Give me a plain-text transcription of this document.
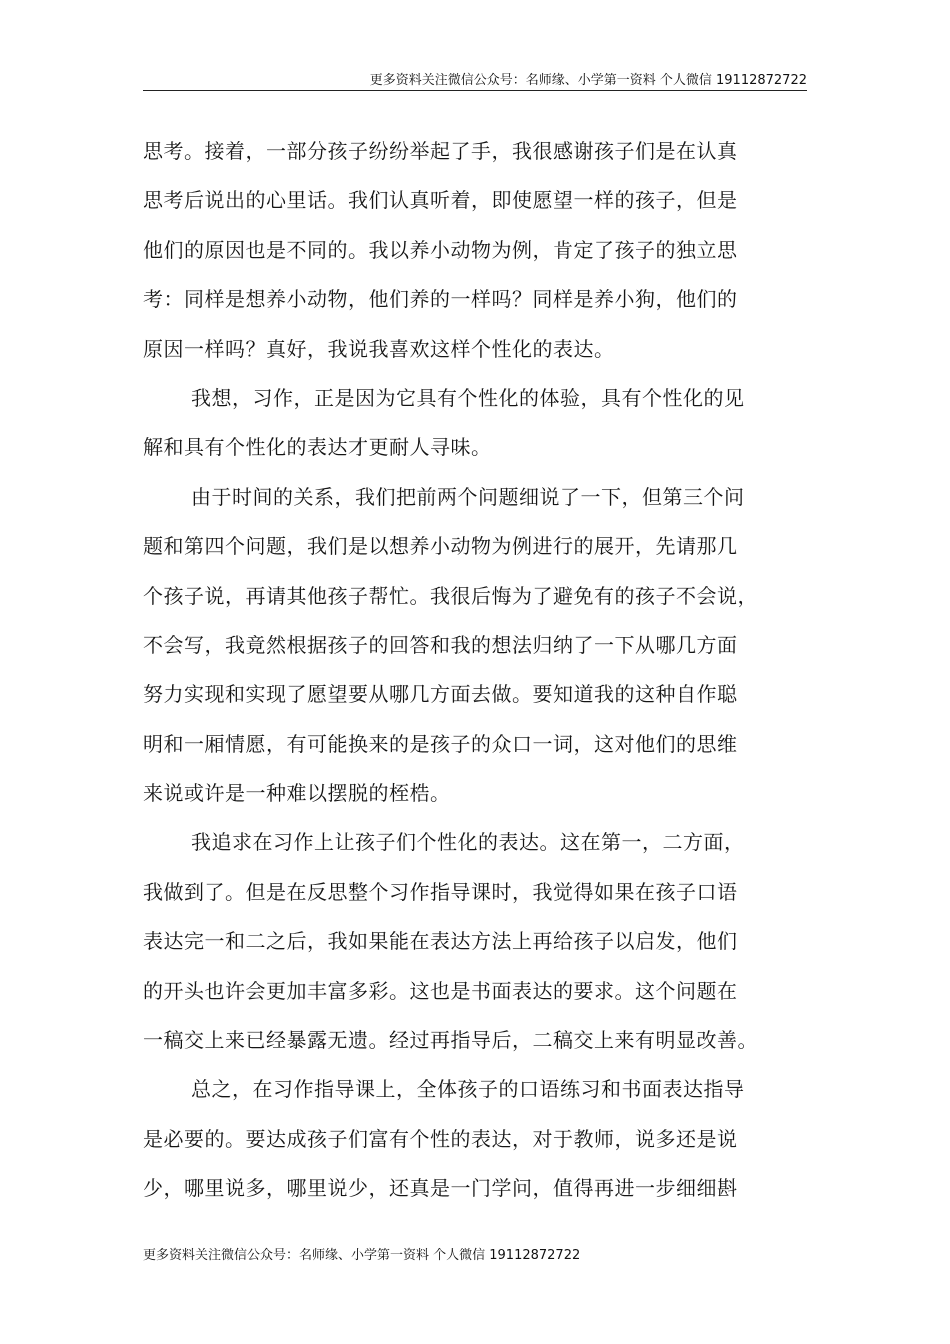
更多资料关注微信公众号：名师缘、小学第一资料 个人微信 19112872722
思考。接着，一部分孩子纷纷举起了手，我很感谢孩子们是在认真
思考后说出的心里话。我们认真听着，即使愿望一样的孩子，但是
他们的原因也是不同的。我以养小动物为例，肯定了孩子的独立思
考：同样是想养小动物，他们养的一样吗？同样是养小狗，他们的
原因一样吗？真好，我说我喜欢这样个性化的表达。
我想，习作，正是因为它具有个性化的体验，具有个性化的见
解和具有个性化的表达才更耐人寻味。
由于时间的关系，我们把前两个问题细说了一下，但第三个问
题和第四个问题，我们是以想养小动物为例进行的展开，先请那几
个孩子说，再请其他孩子帮忙。我很后悔为了避免有的孩子不会说，
不会写，我竟然根据孩子的回答和我的想法归纳了一下从哪几方面
努力实现和实现了愿望要从哪几方面去做。要知道我的这种自作聪
明和一厢情愿，有可能换来的是孩子的众口一词，这对他们的思维
来说或许是一种难以摆脱的桎梏。
我追求在习作上让孩子们个性化的表达。这在第一，二方面，
我做到了。但是在反思整个习作指导课时，我觉得如果在孩子口语
表达完一和二之后，我如果能在表达方法上再给孩子以启发，他们
的开头也许会更加丰富多彩。这也是书面表达的要求。这个问题在
一稿交上来已经暴露无遗。经过再指导后，二稿交上来有明显改善。
总之，在习作指导课上，全体孩子的口语练习和书面表达指导
是必要的。要达成孩子们富有个性的表达，对于教师，说多还是说
少，哪里说多，哪里说少，还真是一门学问，值得再进一步细细斟
更多资料关注微信公众号：名师缘、小学第一资料 个人微信 19112872722
